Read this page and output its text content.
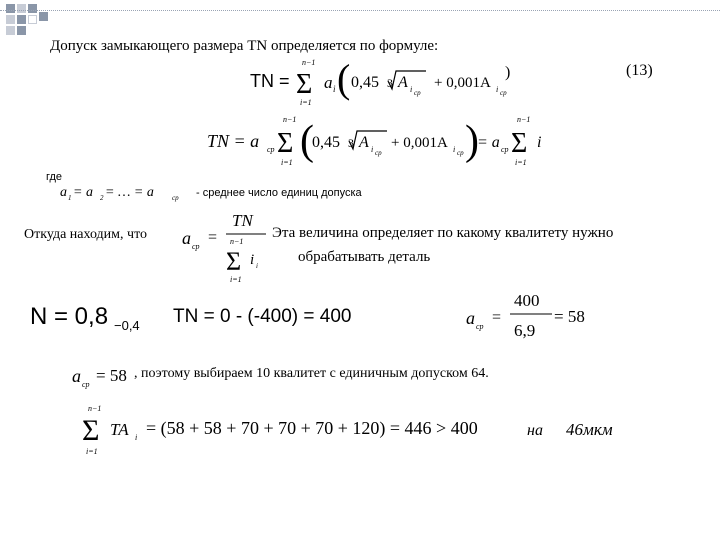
Допуск замыкающего размера TN определяется по формуле:
(13)
TN =
n−1
Σ
i=1
a i ( 0,45 3 A i ср
+ 0,001A i ср
)
TN = a ср
n−1
Σ
i=1 (
0,45 3 A i ср
+ 0,001A i ср )
= a ср
n−1
Σ
i=1
i
где
a 1 = a 2 = … = a	ср - среднее число единиц допуска
Откуда находим, что a ср
=
TN
n−1
Σ
i=1
i i
Эта величина определяет по какому квалитету нужно
обрабатывать деталь
N = 0,8 −0,4 TN = 0 - (-400) = 400	a ср
=
400
6,9
= 58
a ср = 58 , поэтому выбираем 10 квалитет с единичным допуском 64.
n−1
Σ
i=1
TA i = (58 + 58 + 70 + 70 + 70 + 120) = 446 > 400	на 46мкм
